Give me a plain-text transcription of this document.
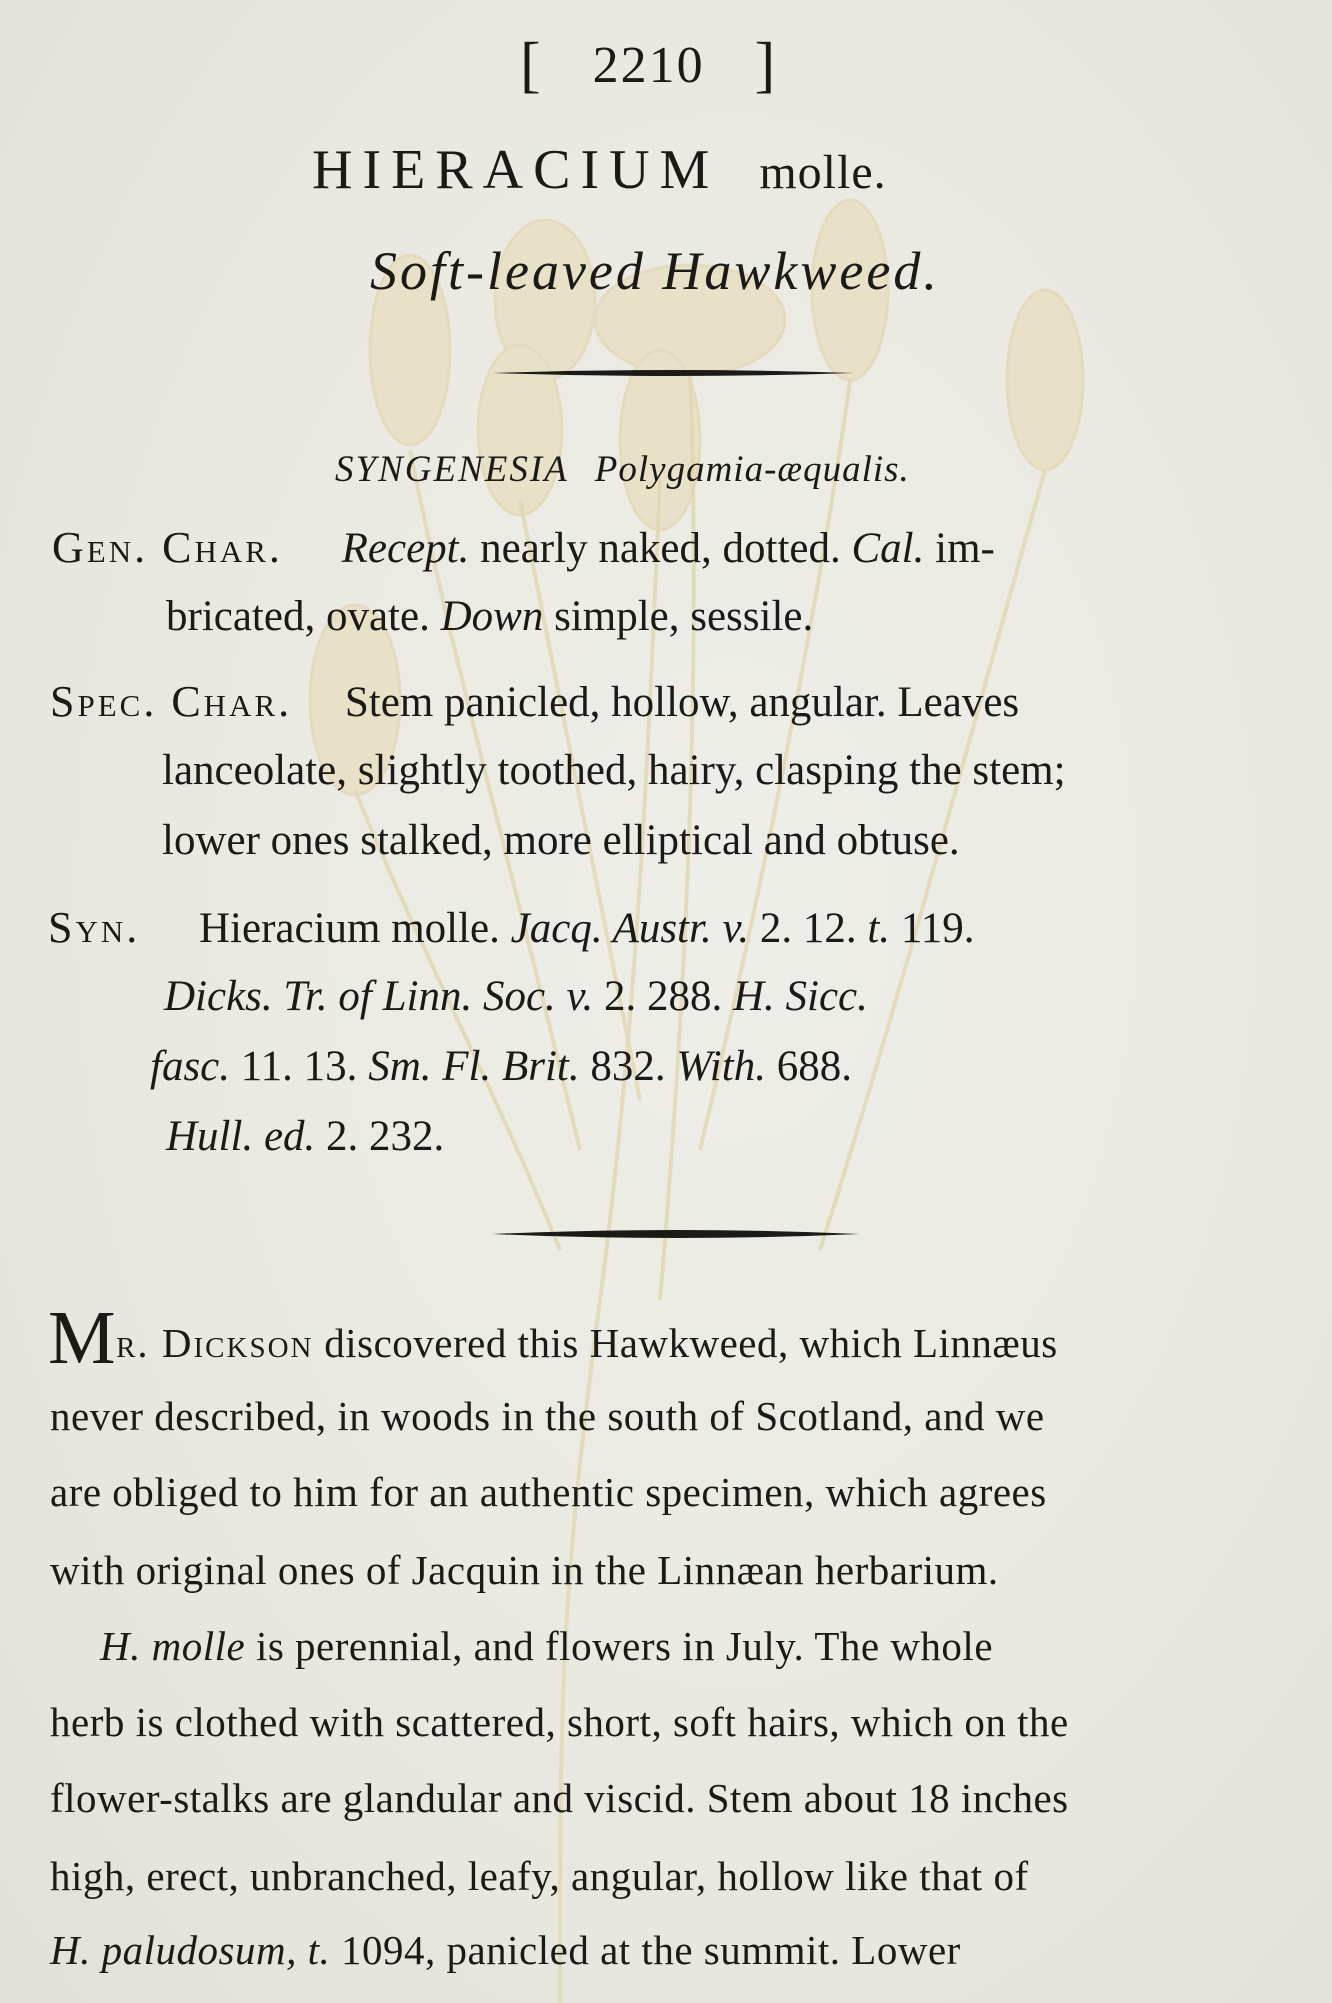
[ 2210 ]
HIERACIUM molle.
Soft-leaved Hawkweed.
SYNGENESIA Polygamia-æqualis.
Gen. Char. Recept. nearly naked, dotted. Cal. im-
bricated, ovate. Down simple, sessile.
Spec. Char. Stem panicled, hollow, angular. Leaves
lanceolate, slightly toothed, hairy, clasping the stem;
lower ones stalked, more elliptical and obtuse.
Syn. Hieracium molle. Jacq. Austr. v. 2. 12. t. 119.
Dicks. Tr. of Linn. Soc. v. 2. 288. H. Sicc.
fasc. 11. 13. Sm. Fl. Brit. 832. With. 688.
Hull. ed. 2. 232.
Mr. Dickson discovered this Hawkweed, which Linnæus
never described, in woods in the south of Scotland, and we
are obliged to him for an authentic specimen, which agrees
with original ones of Jacquin in the Linnæan herbarium.
H. molle is perennial, and flowers in July. The whole
herb is clothed with scattered, short, soft hairs, which on the
flower-stalks are glandular and viscid. Stem about 18 inches
high, erect, unbranched, leafy, angular, hollow like that of
H. paludosum, t. 1094, panicled at the summit. Lower
